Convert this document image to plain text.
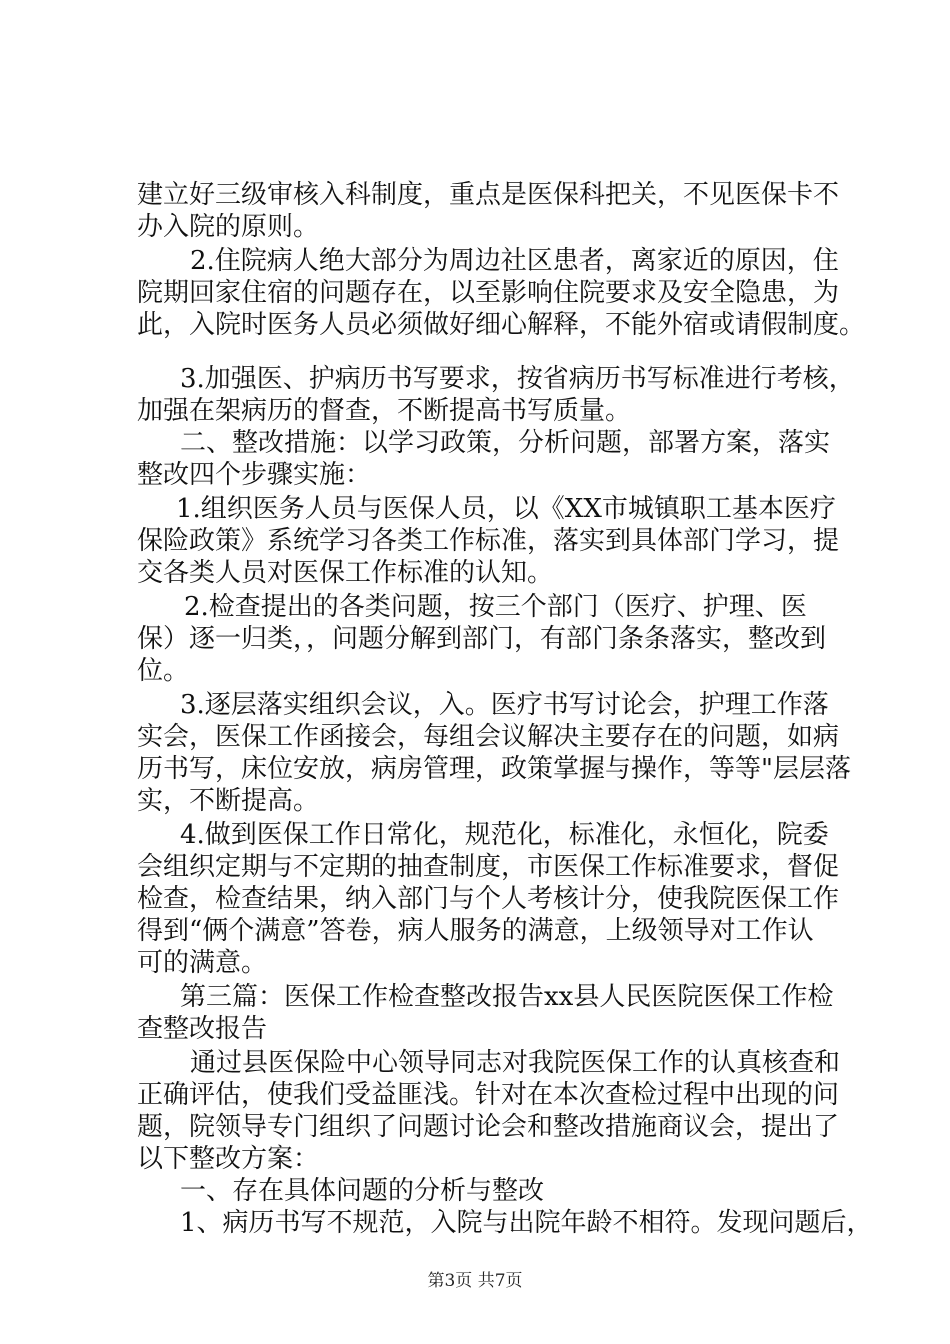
建立好三级审核入科制度，重点是医保科把关，不见医保卡不
办入院的原则。
2.住院病人绝大部分为周边社区患者，离家近的原因，住
院期回家住宿的问题存在，以至影响住院要求及安全隐患，为
此，入院时医务人员必须做好细心解释，不能外宿或请假制度。
3.加强医、护病历书写要求，按省病历书写标准进行考核，
加强在架病历的督查，不断提高书写质量。
二、整改措施：以学习政策，分析问题，部署方案，落实
整改四个步骤实施：
1.组织医务人员与医保人员，以《XX市城镇职工基本医疗
保险政策》系统学习各类工作标准，落实到具体部门学习，提
交各类人员对医保工作标准的认知。
2.检查提出的各类问题，按三个部门（医疗、护理、医
保）逐一归类，，问题分解到部门，有部门条条落实，整改到
位。
3.逐层落实组织会议，入。医疗书写讨论会，护理工作落
实会，医保工作函接会，每组会议解决主要存在的问题，如病
历书写，床位安放，病房管理，政策掌握与操作，等等"层层落
实，不断提高。
4.做到医保工作日常化，规范化，标准化，永恒化，院委
会组织定期与不定期的抽查制度，市医保工作标准要求，督促
检查，检查结果，纳入部门与个人考核计分，使我院医保工作
得到“俩个满意”答卷，病人服务的满意，上级领导对工作认
可的满意。
第三篇：医保工作检查整改报告xx县人民医院医保工作检
查整改报告
通过县医保险中心领导同志对我院医保工作的认真核查和
正确评估，使我们受益匪浅。针对在本次查检过程中出现的问
题，院领导专门组织了问题讨论会和整改措施商议会，提出了
以下整改方案：
一、存在具体问题的分析与整改
1、病历书写不规范，入院与出院年龄不相符。发现问题后，
第3页 共7页
